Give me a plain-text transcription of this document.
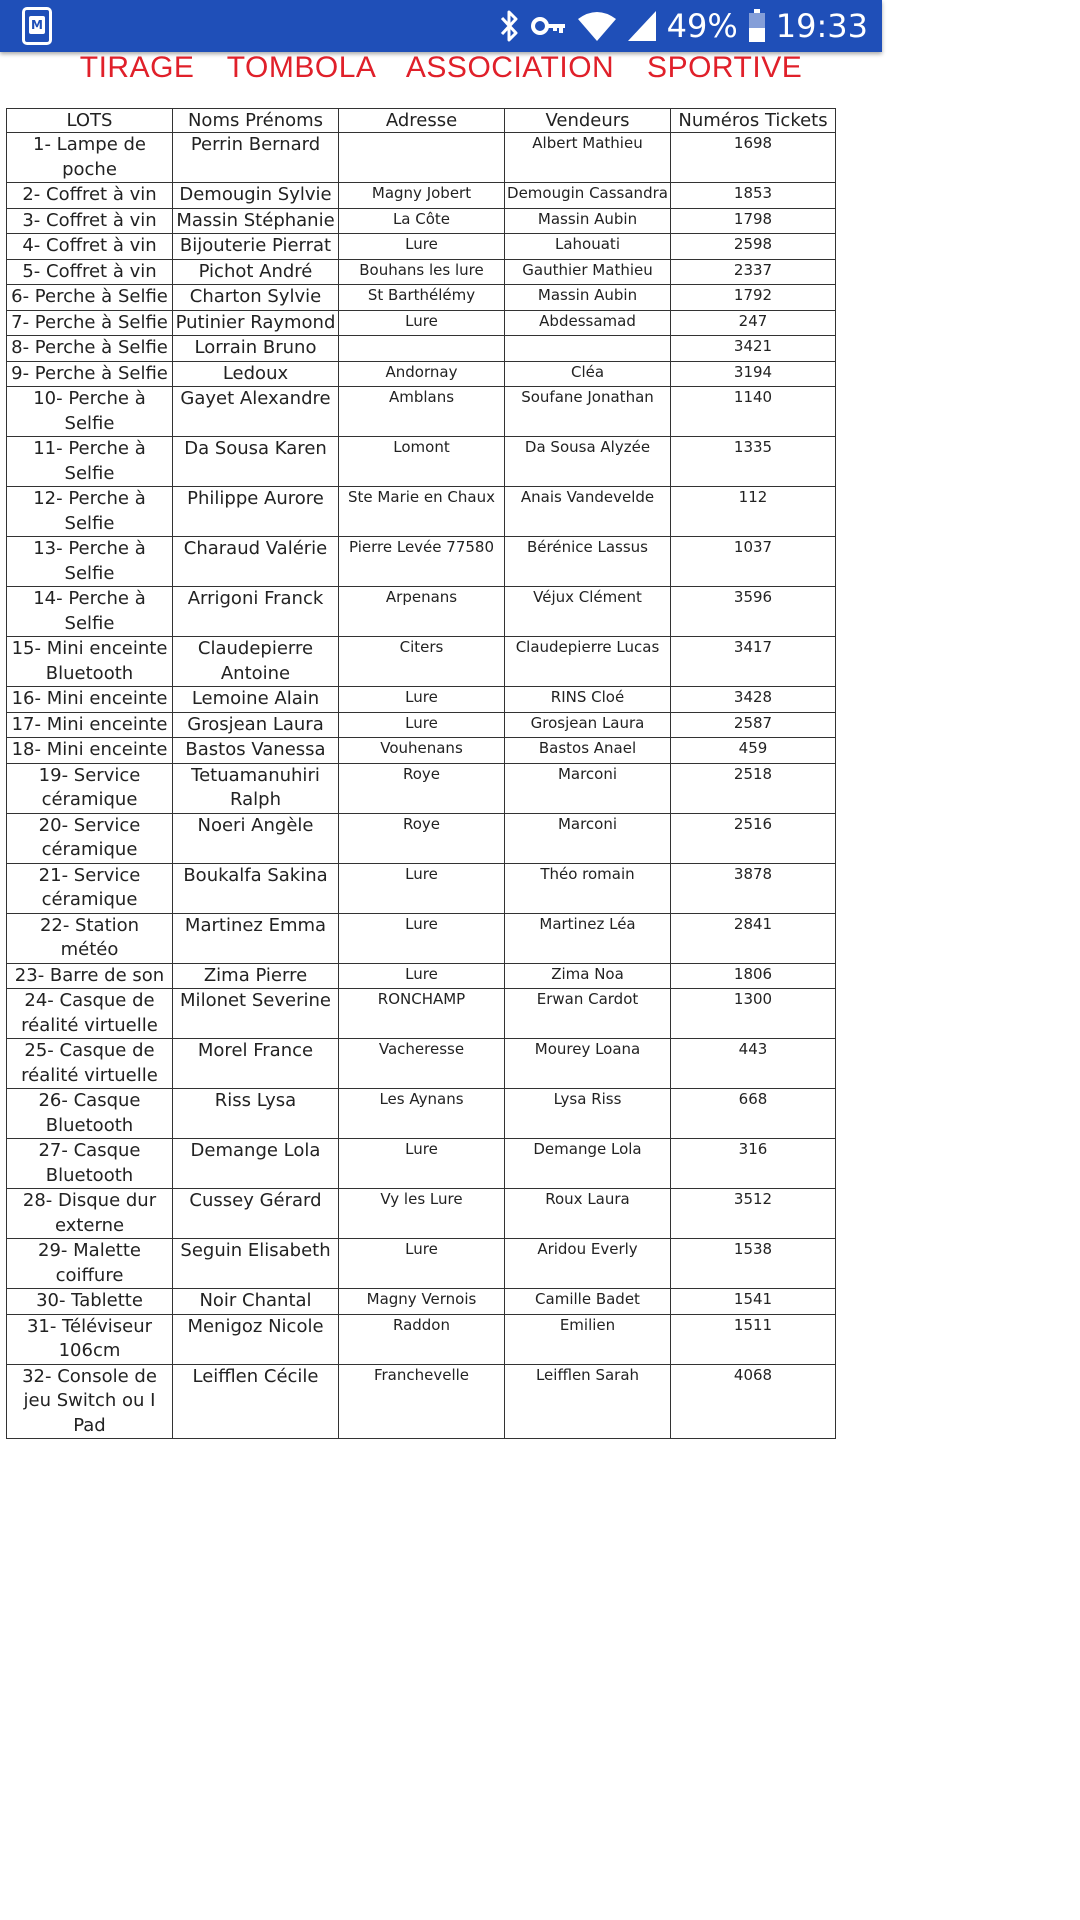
M	49% 19:33
TIRAGE TOMBOLA ASSOCIATION SPORTIVE
LOTS	Noms Prénoms	Adresse	Vendeurs	Numéros Tickets
1- Lampe de poche	Perrin Bernard		Albert Mathieu	1698
2- Coffret à vin	Demougin Sylvie	Magny Jobert	Demougin Cassandra	1853
3- Coffret à vin	Massin Stéphanie	La Côte	Massin Aubin	1798
4- Coffret à vin	Bijouterie Pierrat	Lure	Lahouati	2598
5- Coffret à vin	Pichot André	Bouhans les lure	Gauthier Mathieu	2337
6- Perche à Selfie	Charton Sylvie	St Barthélémy	Massin Aubin	1792
7- Perche à Selfie	Putinier Raymond	Lure	Abdessamad	247
8- Perche à Selfie	Lorrain Bruno			3421
9- Perche à Selfie	Ledoux	Andornay	Cléa	3194
10- Perche à Selfie	Gayet Alexandre	Amblans	Soufane Jonathan	1140
11- Perche à Selfie	Da Sousa Karen	Lomont	Da Sousa Alyzée	1335
12- Perche à Selfie	Philippe Aurore	Ste Marie en Chaux	Anais Vandevelde	112
13- Perche à Selfie	Charaud Valérie	Pierre Levée 77580	Bérénice Lassus	1037
14- Perche à Selfie	Arrigoni Franck	Arpenans	Véjux Clément	3596
15- Mini enceinte Bluetooth	Claudepierre Antoine	Citers	Claudepierre Lucas	3417
16- Mini enceinte	Lemoine Alain	Lure	RINS Cloé	3428
17- Mini enceinte	Grosjean Laura	Lure	Grosjean Laura	2587
18- Mini enceinte	Bastos Vanessa	Vouhenans	Bastos Anael	459
19- Service céramique	Tetuamanuhiri Ralph	Roye	Marconi	2518
20- Service céramique	Noeri Angèle	Roye	Marconi	2516
21- Service céramique	Boukalfa Sakina	Lure	Théo romain	3878
22- Station météo	Martinez Emma	Lure	Martinez Léa	2841
23- Barre de son	Zima Pierre	Lure	Zima Noa	1806
24- Casque de réalité virtuelle	Milonet Severine	RONCHAMP	Erwan Cardot	1300
25- Casque de réalité virtuelle	Morel France	Vacheresse	Mourey Loana	443
26- Casque Bluetooth	Riss Lysa	Les Aynans	Lysa Riss	668
27- Casque Bluetooth	Demange Lola	Lure	Demange Lola	316
28- Disque dur externe	Cussey Gérard	Vy les Lure	Roux Laura	3512
29- Malette coiffure	Seguin Elisabeth	Lure	Aridou Everly	1538
30- Tablette	Noir Chantal	Magny Vernois	Camille Badet	1541
31- Téléviseur 106cm	Menigoz Nicole	Raddon	Emilien	1511
32- Console de jeu Switch ou I Pad	Leifflen Cécile	Franchevelle	Leifflen Sarah	4068
